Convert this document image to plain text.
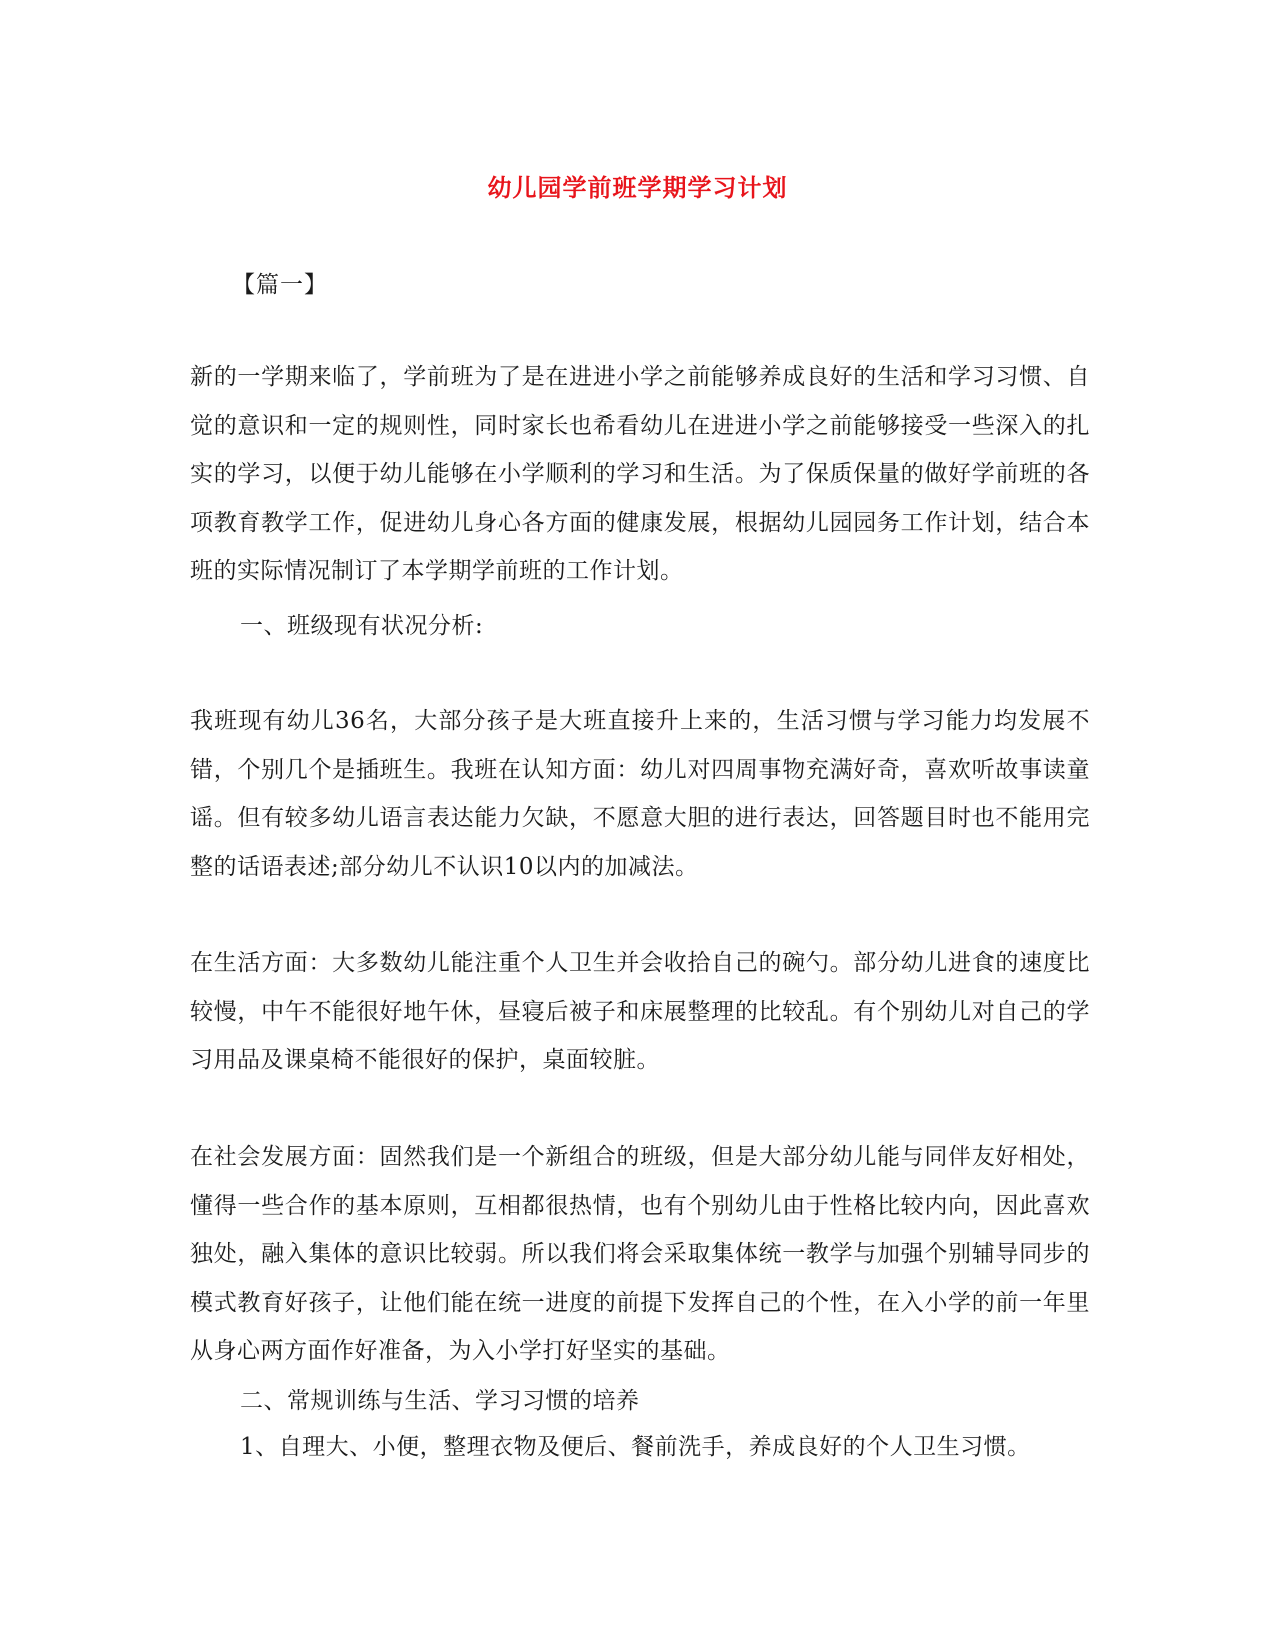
幼儿园学前班学期学习计划
【篇一】
新的一学期来临了，学前班为了是在进进小学之前能够养成良好的生活和学习习惯、自觉的意识和一定的规则性，同时家长也希看幼儿在进进小学之前能够接受一些深入的扎实的学习，以便于幼儿能够在小学顺利的学习和生活。为了保质保量的做好学前班的各项教育教学工作，促进幼儿身心各方面的健康发展，根据幼儿园园务工作计划，结合本班的实际情况制订了本学期学前班的工作计划。
一、班级现有状况分析:
我班现有幼儿36名，大部分孩子是大班直接升上来的，生活习惯与学习能力均发展不错，个别几个是插班生。我班在认知方面：幼儿对四周事物充满好奇，喜欢听故事读童谣。但有较多幼儿语言表达能力欠缺，不愿意大胆的进行表达，回答题目时也不能用完整的话语表述;部分幼儿不认识10以内的加减法。
在生活方面：大多数幼儿能注重个人卫生并会收拾自己的碗勺。部分幼儿进食的速度比较慢，中午不能很好地午休，昼寝后被子和床展整理的比较乱。有个别幼儿对自己的学习用品及课桌椅不能很好的保护，桌面较脏。
在社会发展方面：固然我们是一个新组合的班级，但是大部分幼儿能与同伴友好相处，懂得一些合作的基本原则，互相都很热情，也有个别幼儿由于性格比较内向，因此喜欢独处，融入集体的意识比较弱。所以我们将会采取集体统一教学与加强个别辅导同步的模式教育好孩子，让他们能在统一进度的前提下发挥自己的个性，在入小学的前一年里从身心两方面作好准备，为入小学打好坚实的基础。
二、常规训练与生活、学习习惯的培养
1、自理大、小便，整理衣物及便后、餐前洗手，养成良好的个人卫生习惯。
